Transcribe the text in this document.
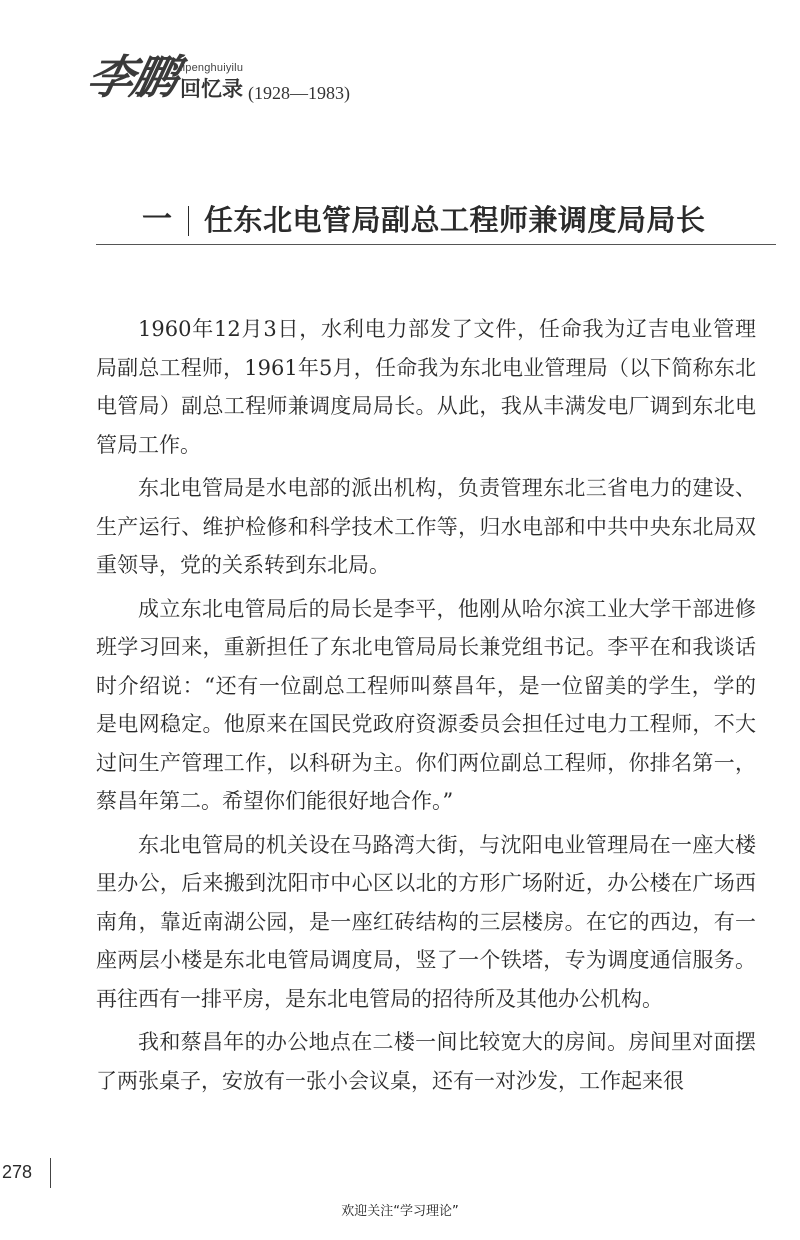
李鹏
lipenghuiyilu
回忆录 (1928—1983)
一 任东北电管局副总工程师兼调度局局长

1960年12月3日，水利电力部发了文件，任命我为辽吉电业管理局副总工程师，1961年5月，任命我为东北电业管理局（以下简称东北电管局）副总工程师兼调度局局长。从此，我从丰满发电厂调到东北电管局工作。

东北电管局是水电部的派出机构，负责管理东北三省电力的建设、生产运行、维护检修和科学技术工作等，归水电部和中共中央东北局双重领导，党的关系转到东北局。

成立东北电管局后的局长是李平，他刚从哈尔滨工业大学干部进修班学习回来，重新担任了东北电管局局长兼党组书记。李平在和我谈话时介绍说：“还有一位副总工程师叫蔡昌年，是一位留美的学生，学的是电网稳定。他原来在国民党政府资源委员会担任过电力工程师，不大过问生产管理工作，以科研为主。你们两位副总工程师，你排名第一，蔡昌年第二。希望你们能很好地合作。”

东北电管局的机关设在马路湾大街，与沈阳电业管理局在一座大楼里办公，后来搬到沈阳市中心区以北的方形广场附近，办公楼在广场西南角，靠近南湖公园，是一座红砖结构的三层楼房。在它的西边，有一座两层小楼是东北电管局调度局，竖了一个铁塔，专为调度通信服务。再往西有一排平房，是东北电管局的招待所及其他办公机构。

我和蔡昌年的办公地点在二楼一间比较宽大的房间。房间里对面摆了两张桌子，安放有一张小会议桌，还有一对沙发，工作起来很

278
欢迎关注“学习理论”
